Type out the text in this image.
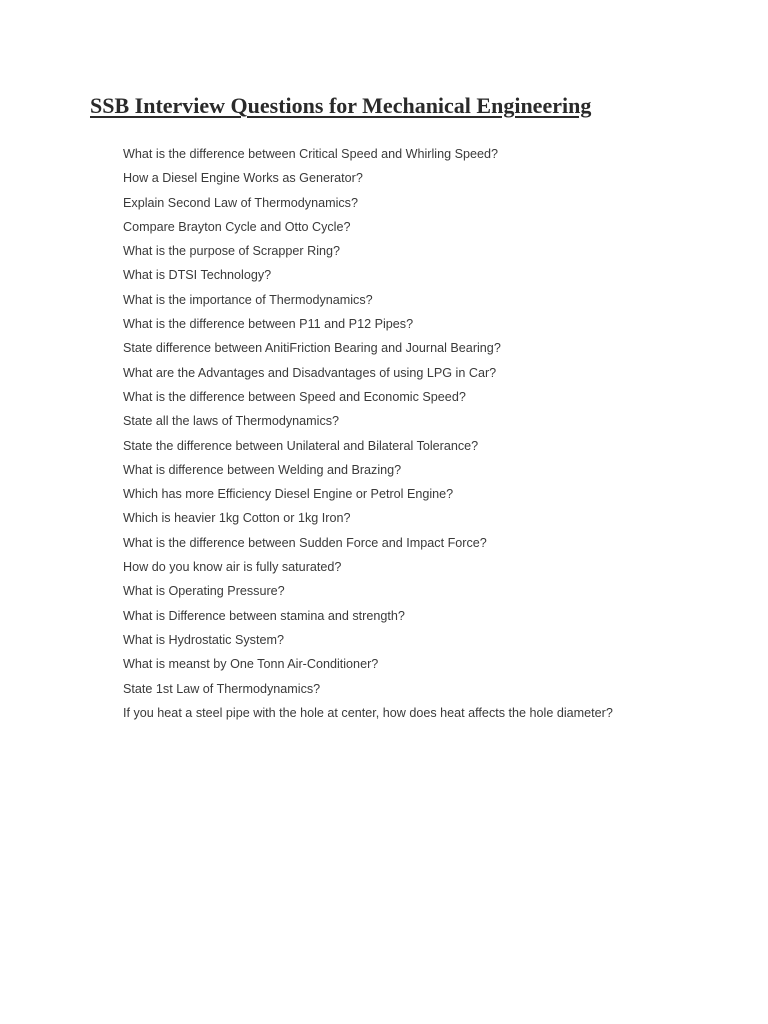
SSB Interview Questions for Mechanical Engineering
What is the difference between Critical Speed and Whirling Speed?
How a Diesel Engine Works as Generator?
Explain Second Law of Thermodynamics?
Compare Brayton Cycle and Otto Cycle?
What is the purpose of Scrapper Ring?
What is DTSI Technology?
What is the importance of Thermodynamics?
What is the difference between P11 and P12 Pipes?
State difference between AnitiFriction Bearing and Journal Bearing?
What are the Advantages and Disadvantages of using LPG in Car?
What is the difference between Speed and Economic Speed?
State all the laws of Thermodynamics?
State the difference between Unilateral and Bilateral Tolerance?
What is difference between Welding and Brazing?
Which has more Efficiency Diesel Engine or Petrol Engine?
Which is heavier 1kg Cotton or 1kg Iron?
What is the difference between Sudden Force and Impact Force?
How do you know air is fully saturated?
What is Operating Pressure?
What is Difference between stamina and strength?
What is Hydrostatic System?
What is meanst by One Tonn Air-Conditioner?
State 1st Law of Thermodynamics?
If you heat a steel pipe with the hole at center, how does heat affects the hole diameter?
